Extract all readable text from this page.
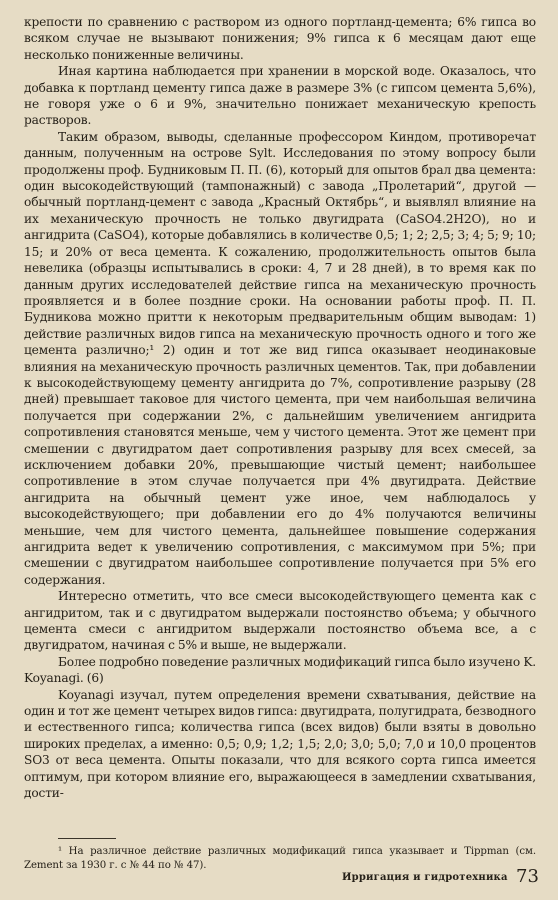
крепости по сравнению с раствором из одного портланд-цемента; 6% гипса во всяком случае не вызывают понижения; 9% гипса к 6 месяцам дают еще несколько пониженные величины.

Иная картина наблюдается при хранении в морской воде. Оказалось, что добавка к портланд цементу гипса даже в размере 3% (с гипсом цемента 5,6%), не говоря уже о 6 и 9%, значительно понижает механическую крепость растворов.

Таким образом, выводы, сделанные профессором Киндом, противоречат данным, полученным на острове Sylt. Исследования по этому вопросу были продолжены проф. Будниковым П. П. (6), который для опытов брал два цемента: один высокодействующий (тампонажный) с завода „Пролетарий“, другой —обычный портланд-цемент с завода „Красный Октябрь“, и выявлял влияние на их механическую прочность не только двугидрата (CaSO4.2H2O), но и ангидрита (CaSO4), которые добавлялись в количестве 0,5; 1; 2; 2,5; 3; 4; 5; 9; 10; 15; и 20% от веса цемента. К сожалению, продолжительность опытов была невелика (образцы испытывались в сроки: 4, 7 и 28 дней), в то время как по данным других исследователей действие гипса на механическую прочность проявляется и в более поздние сроки. На основании работы проф. П. П. Будникова можно притти к некоторым предварительным общим выводам: 1) действие различных видов гипса на механическую прочность одного и того же цемента различно;¹ 2) один и тот же вид гипса оказывает неодинаковые влияния на механическую прочность различных цементов. Так, при добавлении к высокодействующему цементу ангидрита до 7%, сопротивление разрыву (28 дней) превышает таковое для чистого цемента, при чем наибольшая величина получается при содержании 2%, с дальнейшим увеличением ангидрита сопротивления становятся меньше, чем у чистого цемента. Этот же цемент при смешении с двугидратом дает сопротивления разрыву для всех смесей, за исключением добавки 20%, превышающие чистый цемент; наибольшее сопротивление в этом случае получается при 4% двугидрата. Действие ангидрита на обычный цемент уже иное, чем наблюдалось у высокодействующего; при добавлении его до 4% получаются величины меньшие, чем для чистого цемента, дальнейшее повышение содержания ангидрита ведет к увеличению сопротивления, с максимумом при 5%; при смешении с двугидратом наибольшее сопротивление получается при 5% его содержания.

Интересно отметить, что все смеси высокодействующего цемента как с ангидритом, так и с двугидратом выдержали постоянство объема; у обычного цемента смеси с ангидритом выдержали постоянство объема все, а с двугидратом, начиная с 5% и выше, не выдержали.

Более подробно поведение различных модификаций гипса было изучено K. Koyanagi. (6)

Koyanagi изучал, путем определения времени схватывания, действие на один и тот же цемент четырех видов гипса: двугидрата, полугидрата, безводного и естественного гипса; количества гипса (всех видов) были взяты в довольно широких пределах, а именно: 0,5; 0,9; 1,2; 1,5; 2,0; 3,0; 5,0; 7,0 и 10,0 процентов SO3 от веса цемента. Опыты показали, что для всякого сорта гипса имеется оптимум, при котором влияние его, выражающееся в замедлении схватывания, дости-

¹ На различное действие различных модификаций гипса указывает и Tippman (см. Zement за 1930 г. с № 44 по № 47).
Ирригация и гидротехника 73
